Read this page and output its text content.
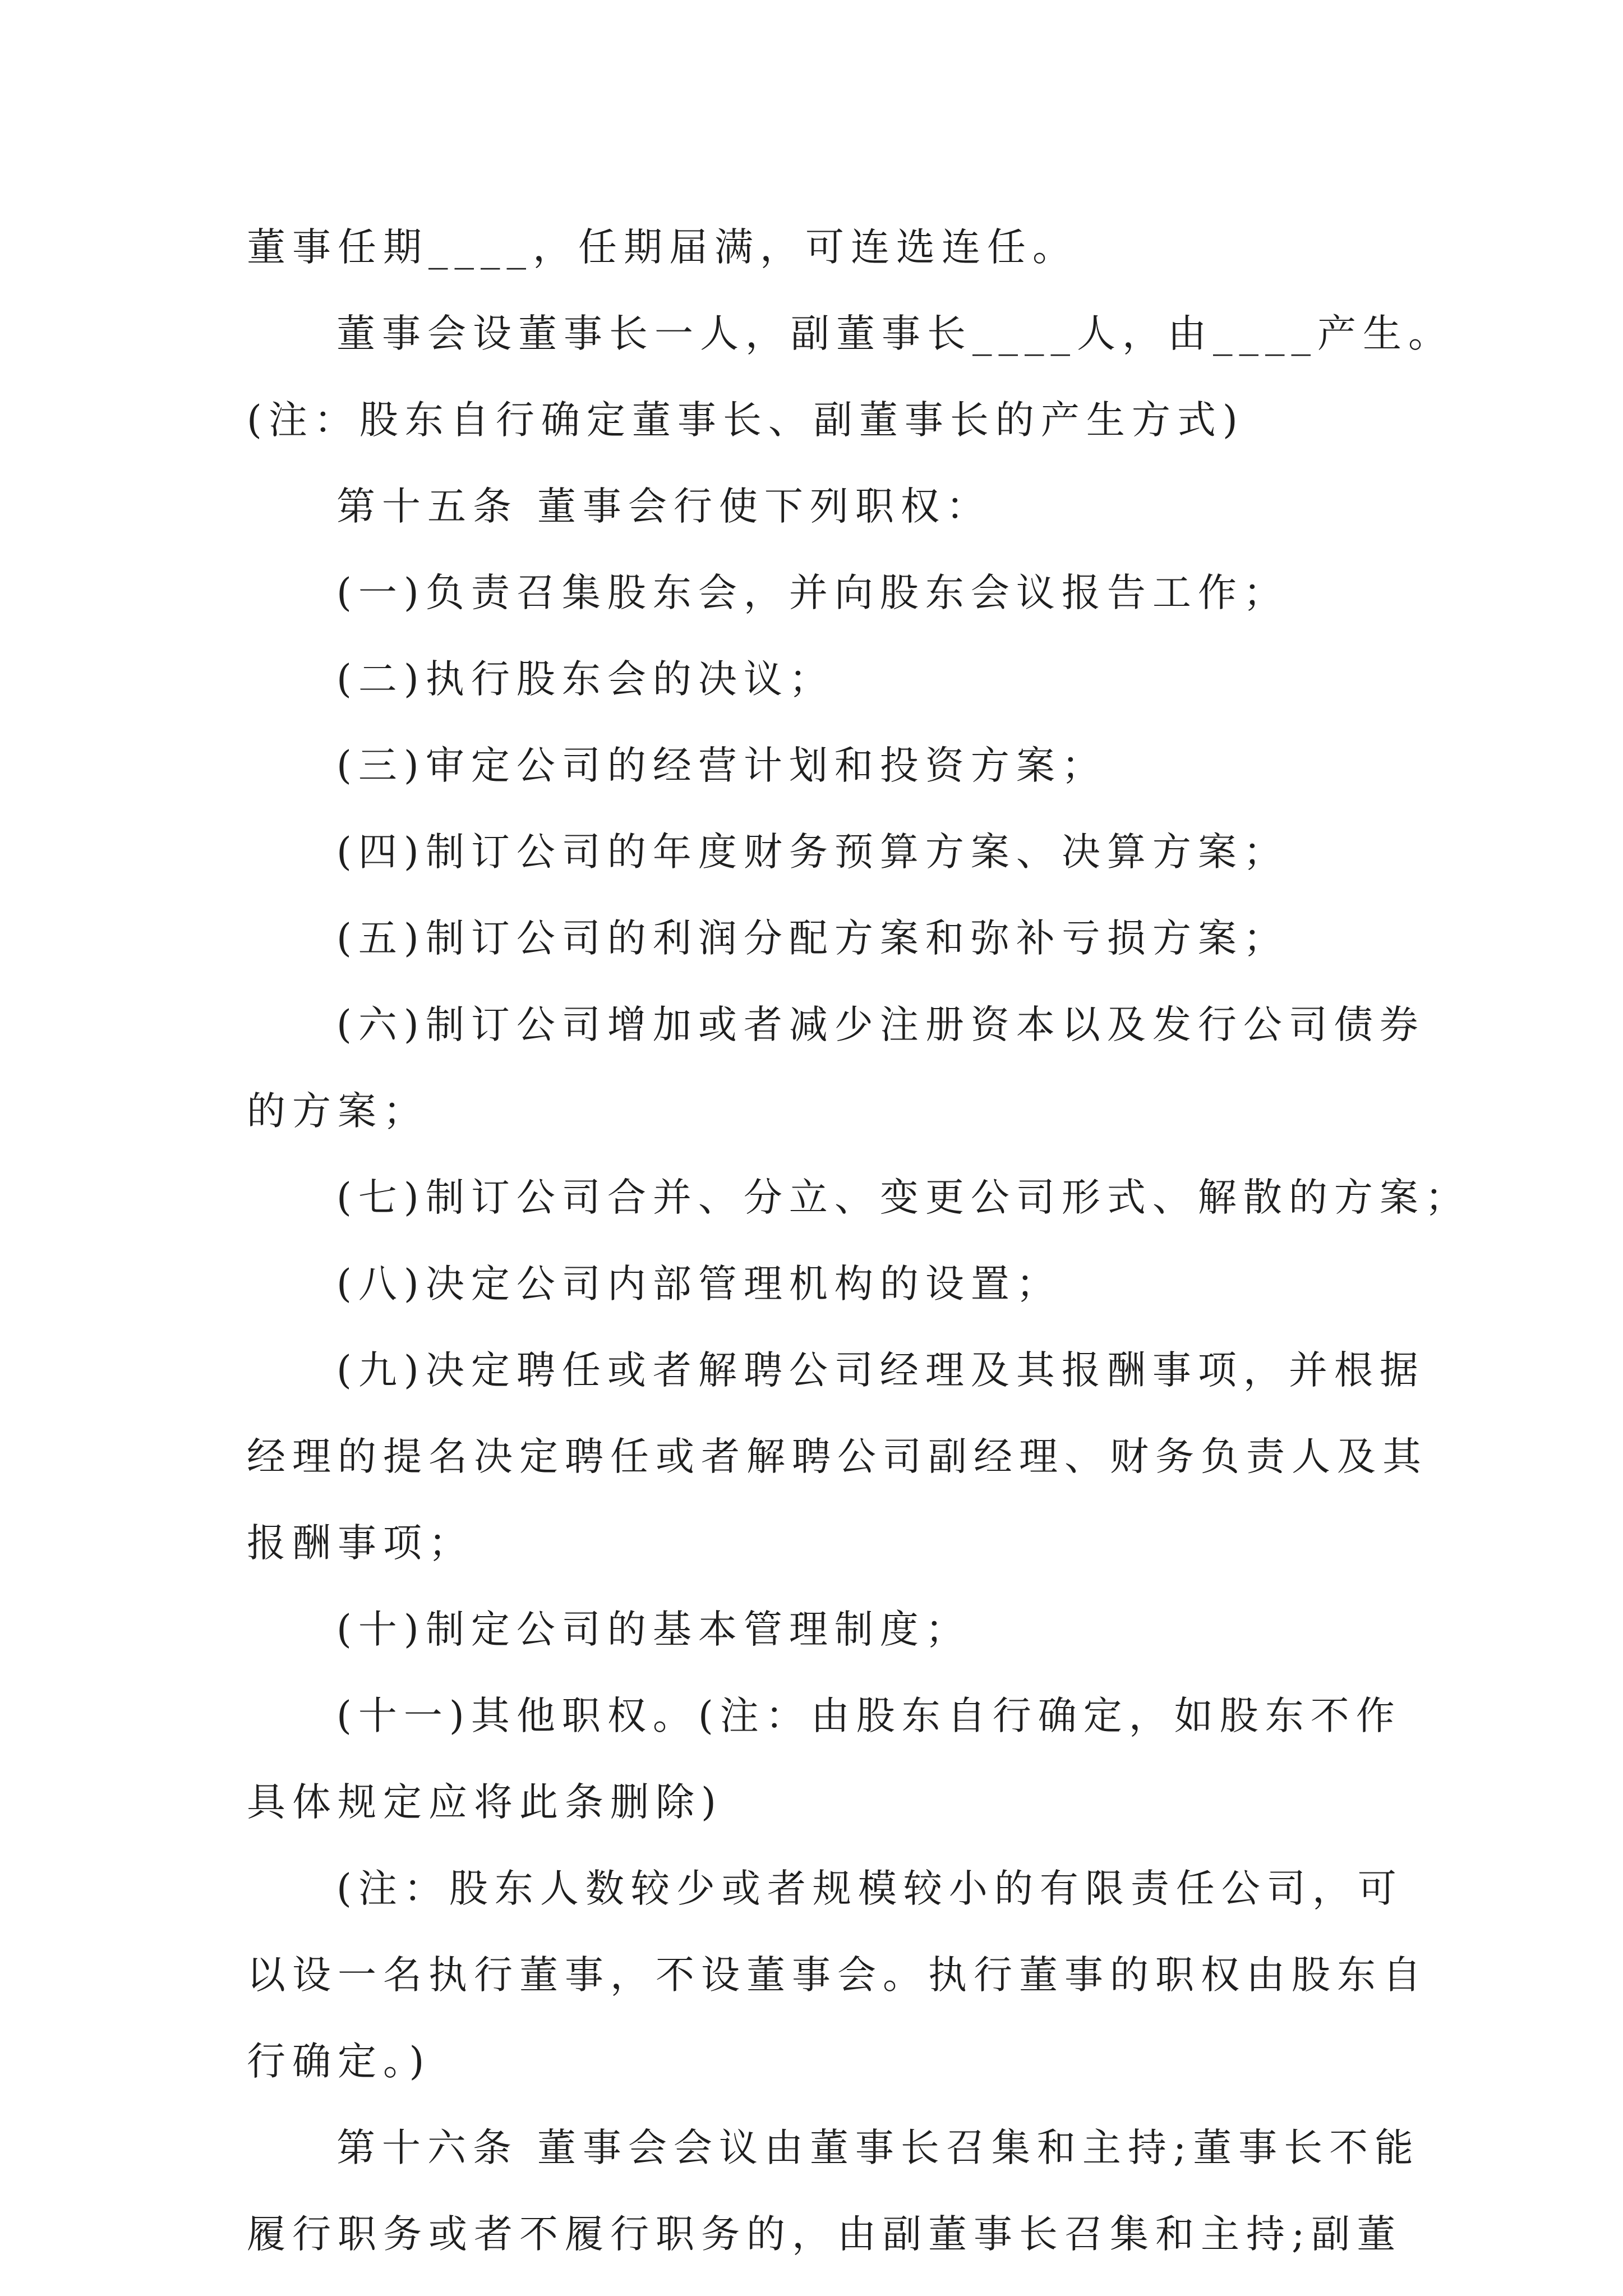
董事任期____，任期届满，可连选连任。
董事会设董事长一人，副董事长____人，由____产生。
(注：股东自行确定董事长、副董事长的产生方式)
第十五条 董事会行使下列职权：
(一)负责召集股东会，并向股东会议报告工作；
(二)执行股东会的决议；
(三)审定公司的经营计划和投资方案；
(四)制订公司的年度财务预算方案、决算方案；
(五)制订公司的利润分配方案和弥补亏损方案；
(六)制订公司增加或者减少注册资本以及发行公司债券
的方案；
(七)制订公司合并、分立、变更公司形式、解散的方案；
(八)决定公司内部管理机构的设置；
(九)决定聘任或者解聘公司经理及其报酬事项，并根据
经理的提名决定聘任或者解聘公司副经理、财务负责人及其
报酬事项；
(十)制定公司的基本管理制度；
(十一)其他职权。(注：由股东自行确定，如股东不作
具体规定应将此条删除)
(注：股东人数较少或者规模较小的有限责任公司，可
以设一名执行董事，不设董事会。执行董事的职权由股东自
行确定。)
第十六条 董事会会议由董事长召集和主持;董事长不能
履行职务或者不履行职务的，由副董事长召集和主持;副董
